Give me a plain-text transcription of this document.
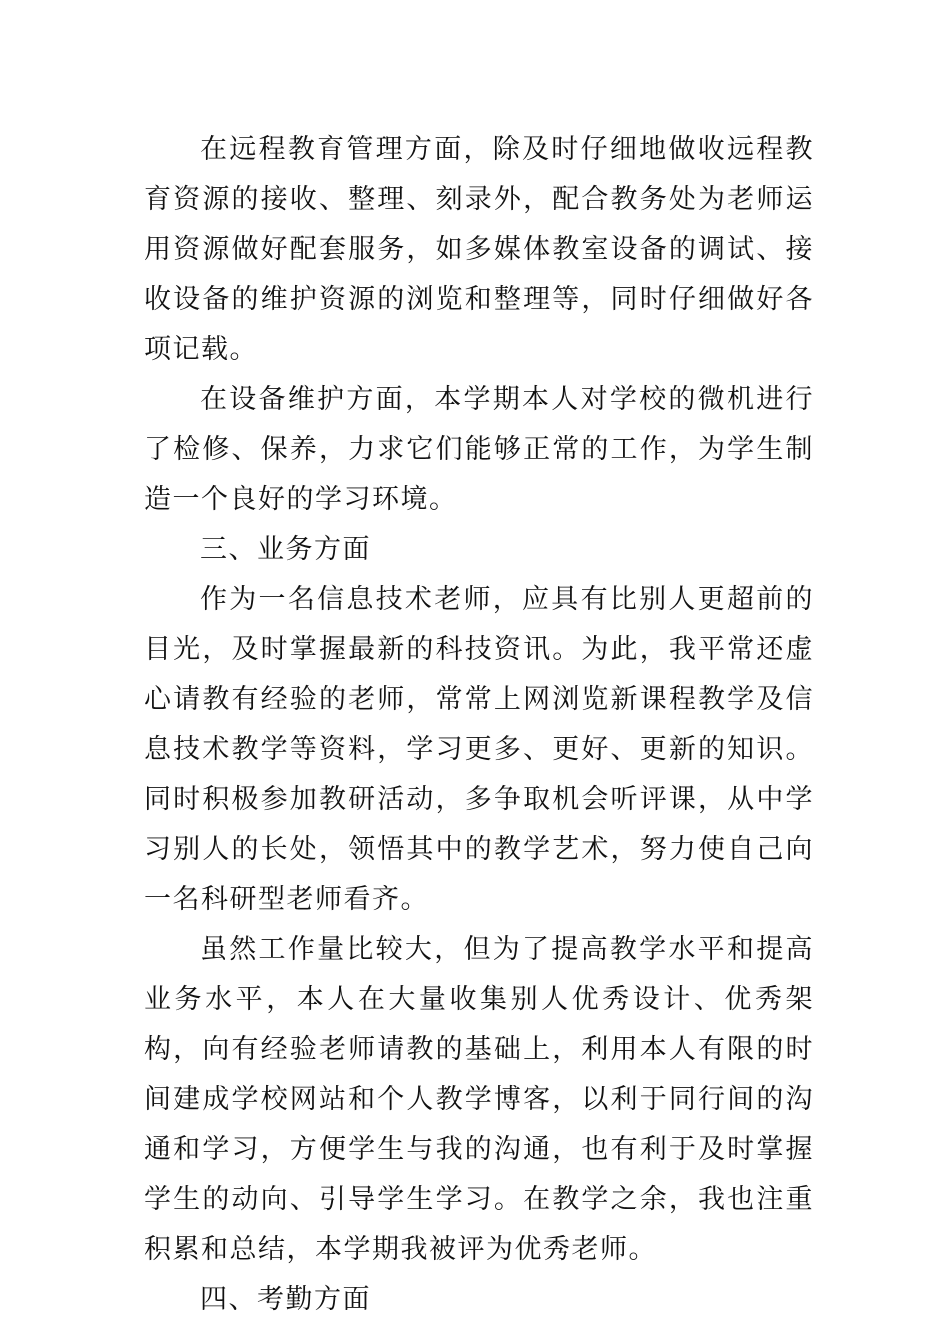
在远程教育管理方面，除及时仔细地做收远程教育资源的接收、整理、刻录外，配合教务处为老师运用资源做好配套服务，如多媒体教室设备的调试、接收设备的维护资源的浏览和整理等，同时仔细做好各项记载。

在设备维护方面，本学期本人对学校的微机进行了检修、保养，力求它们能够正常的工作，为学生制造一个良好的学习环境。

三、业务方面

作为一名信息技术老师，应具有比别人更超前的目光，及时掌握最新的科技资讯。为此，我平常还虚心请教有经验的老师，常常上网浏览新课程教学及信息技术教学等资料，学习更多、更好、更新的知识。同时积极参加教研活动，多争取机会听评课，从中学习别人的长处，领悟其中的教学艺术，努力使自己向一名科研型老师看齐。

虽然工作量比较大，但为了提高教学水平和提高业务水平，本人在大量收集别人优秀设计、优秀架构，向有经验老师请教的基础上，利用本人有限的时间建成学校网站和个人教学博客，以利于同行间的沟通和学习，方便学生与我的沟通，也有利于及时掌握学生的动向、引导学生学习。在教学之余，我也注重积累和总结，本学期我被评为优秀老师。

四、考勤方面
